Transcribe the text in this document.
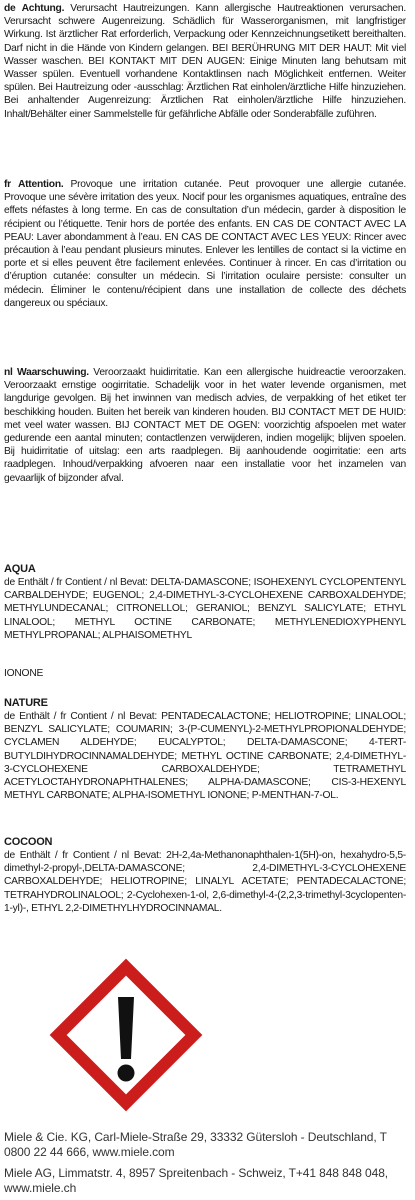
de Achtung. Verursacht Hautreizungen. Kann allergische Hautreaktionen verursachen. Verursacht schwere Augenreizung. Schädlich für Wasserorganismen, mit langfristiger Wirkung. Ist ärztlicher Rat erforderlich, Verpackung oder Kennzeichnungsetikett bereithalten. Darf nicht in die Hände von Kindern gelangen. BEI BERÜHRUNG MIT DER HAUT: Mit viel Wasser waschen. BEI KONTAKT MIT DEN AUGEN: Einige Minuten lang behutsam mit Wasser spülen. Eventuell vorhandene Kontaktlinsen nach Möglichkeit entfernen. Weiter spülen. Bei Hautreizung oder -ausschlag: Ärztlichen Rat einholen/ärztliche Hilfe hinzuziehen. Bei anhaltender Augenreizung: Ärztlichen Rat einholen/ärztliche Hilfe hinzuziehen. Inhalt/Behälter einer Sammelstelle für gefährliche Abfälle oder Sonderabfälle zuführen.
fr Attention. Provoque une irritation cutanée. Peut provoquer une allergie cutanée. Provoque une sévère irritation des yeux. Nocif pour les organismes aquatiques, entraîne des effets néfastes à long terme. En cas de consultation d’un médecin, garder à disposition le récipient ou l’étiquette. Tenir hors de portée des enfants. EN CAS DE CONTACT AVEC LA PEAU: Laver abondamment à l’eau. EN CAS DE CONTACT AVEC LES YEUX: Rincer avec précaution à l’eau pendant plusieurs minutes. Enlever les lentilles de contact si la victime en porte et si elles peuvent être facilement enlevées. Continuer à rincer. En cas d’irritation ou d’éruption cutanée: consulter un médecin. Si l’irritation oculaire persiste: consulter un médecin. Éliminer le contenu/récipient dans une installation de collecte des déchets dangereux ou spéciaux.
nl Waarschuwing. Veroorzaakt huidirritatie. Kan een allergische huidreactie veroorzaken. Veroorzaakt ernstige oogirritatie. Schadelijk voor in het water levende organismen, met langdurige gevolgen. Bij het inwinnen van medisch advies, de verpakking of het etiket ter beschikking houden. Buiten het bereik van kinderen houden. BIJ CONTACT MET DE HUID: met veel water wassen. BIJ CONTACT MET DE OGEN: voorzichtig afspoelen met water gedurende een aantal minuten; contactlenzen verwijderen, indien mogelijk; blijven spoelen. Bij huidirritatie of uitslag: een arts raadplegen. Bij aanhoudende oogirritatie: een arts raadplegen. Inhoud/verpakking afvoeren naar een installatie voor het inzamelen van gevaarlijk of bijzonder afval.
AQUA
de Enthält / fr Contient / nl Bevat: DELTA-DAMASCONE; ISOHEXENYL CYCLOPENTENYL CARBALDEHYDE; EUGENOL; 2,4-DIMETHYL-3-CYCLOHEXENE CARBOXALDEHYDE; METHYLUNDECANAL; CITRONELLOL; GERANIOL; BENZYL SALICYLATE; ETHYL LINALOOL; METHYL OCTINE CARBONATE; METHYLENEDIOXYPHENYL METHYLPROPANAL; ALPHAISOMETHYL
IONONE
NATURE
de Enthält / fr Contient / nl Bevat: PENTADECALACTONE; HELIOTROPINE; LINALOOL; BENZYL SALICYLATE; COUMARIN; 3-(P-CUMENYL)-2-METHYLPROPIONALDEHYDE; CYCLAMEN ALDEHYDE; EUCALYPTOL; DELTA-DAMASCONE; 4-TERT-BUTYLDIHYDROCINNAMALDEHYDE; METHYL OCTINE CARBONATE; 2,4-DIMETHYL-3-CYCLOHEXENE CARBOXALDEHYDE; TETRAMETHYL ACETYLOCTAHYDRONAPHTHALENES; ALPHA-DAMASCONE; CIS-3-HEXENYL METHYL CARBONATE; ALPHA-ISOMETHYL IONONE; P-MENTHAN-7-OL.
COCOON
de Enthält / fr Contient / nl Bevat: 2H-2,4a-Methanonaphthalen-1(5H)-on, hexahydro-5,5-dimethyl-2-propyl-,DELTA-DAMASCONE; 2,4-DIMETHYL-3-CYCLOHEXENE CARBOXALDEHYDE; HELIOTROPINE; LINALYL ACETATE; PENTADECALACTONE; TETRAHYDROLINALOOL; 2-Cyclohexen-1-ol, 2,6-dimethyl-4-(2,2,3-trimethyl-3cyclopenten-1-yl)-, ETHYL 2,2-DIMETHYLHYDROCINNAMAL.
Miele & Cie. KG, Carl-Miele-Straße 29, 33332 Gütersloh - Deutschland, T 0800 22 44 666, www.miele.com
Miele AG, Limmatstr. 4, 8957 Spreitenbach - Schweiz, T+41 848 848 048, www.miele.ch
